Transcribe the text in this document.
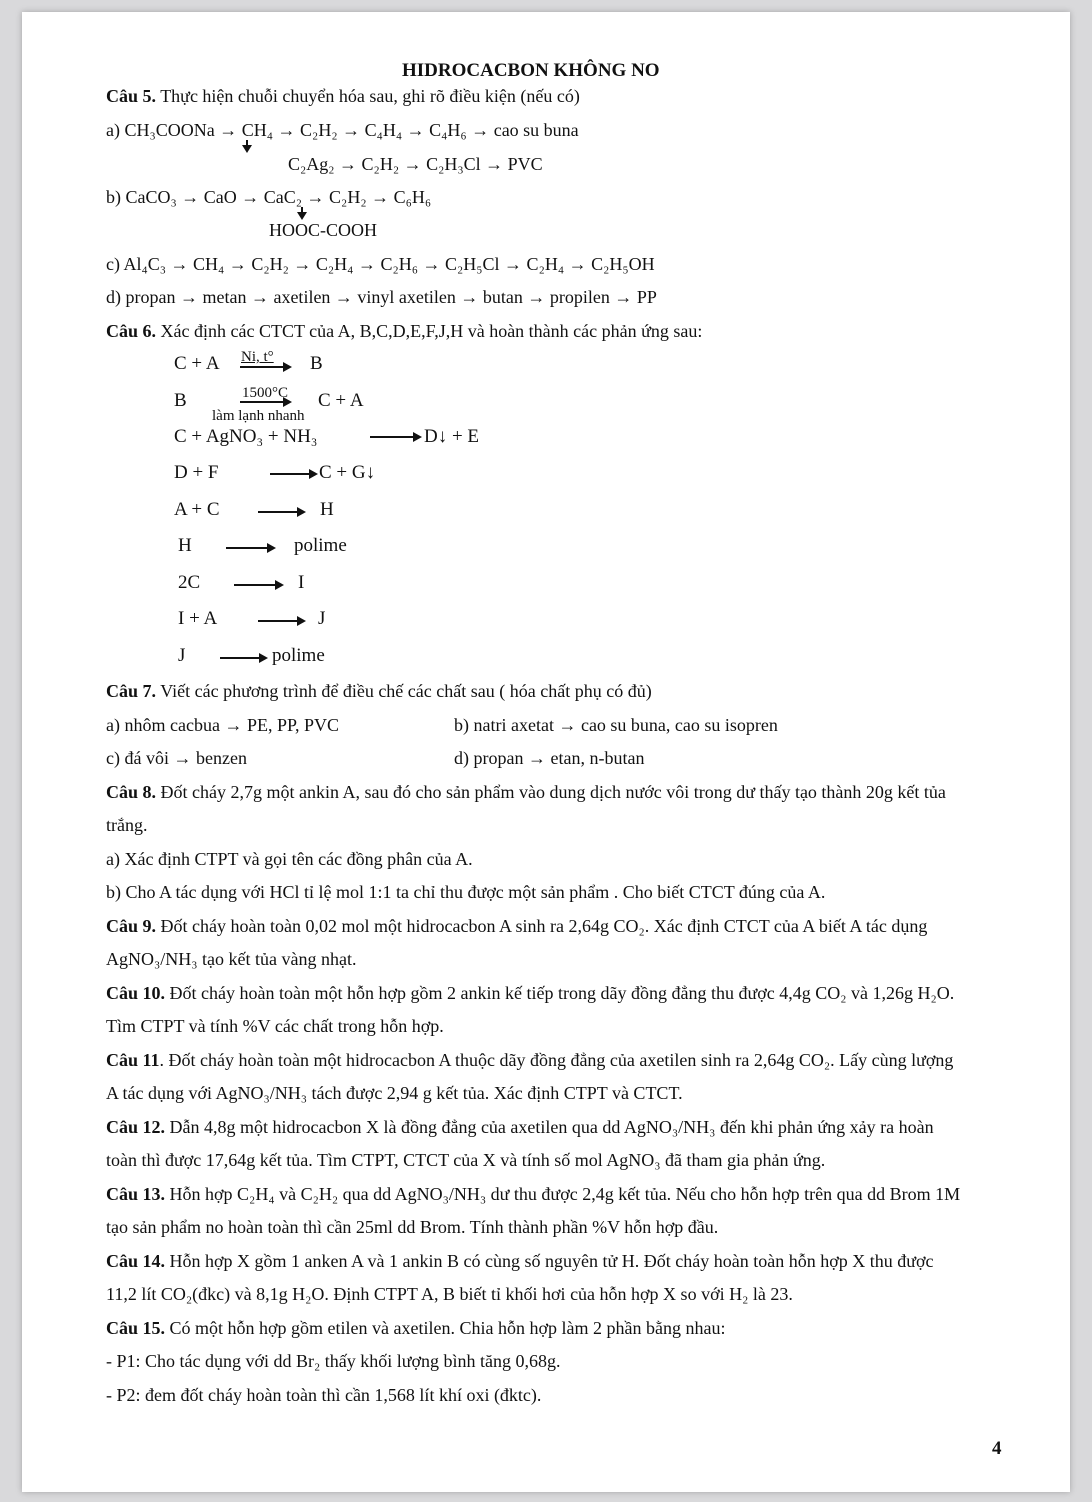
HIDROCACBON KHÔNG NO
Câu 5. Thực hiện chuỗi chuyển hóa sau, ghi rõ điều kiện (nếu có)
a) CH₃COONa → CH₄ → C₂H₂ → C₄H₄ → C₄H₆ → cao su buna
C₂Ag₂ → C₂H₂ → C₂H₃Cl → PVC
b) CaCO₃ → CaO → CaC₂ → C₂H₂ → C₆H₆
HOOC-COOH
c) Al₄C₃ → CH₄ → C₂H₂ → C₂H₄ → C₂H₆ → C₂H₅Cl → C₂H₄ → C₂H₅OH
d) propan → metan → axetilen → vinyl axetilen → butan → propilen → PP
Câu 6. Xác định các CTCT của A, B,C,D,E,F,J,H và hoàn thành các phản ứng sau:
C + A Ni, t° → B
B	1500°C
làm lạnh nhanh
C + A
C + AgNO₃ + NH₃	→ D↓ + E
D + F	→ C + G↓
A + C → H
H → polime
2C → I
I + A	→ J
J → polime
Câu 7. Viết các phương trình để điều chế các chất sau ( hóa chất phụ có đủ)
a) nhôm cacbua → PE, PP, PVC	b) natri axetat → cao su buna, cao su isopren
c) đá vôi → benzen	d) propan → etan, n-butan
Câu 8. Đốt cháy 2,7g một ankin A, sau đó cho sản phẩm vào dung dịch nước vôi trong dư thấy tạo thành 20g kết tủa
trắng.
a) Xác định CTPT và gọi tên các đồng phân của A.
b) Cho A tác dụng với HCl tỉ lệ mol 1:1 ta chỉ thu được một sản phẩm . Cho biết CTCT đúng của A.
Câu 9. Đốt cháy hoàn toàn 0,02 mol một hidrocacbon A sinh ra 2,64g CO₂. Xác định CTCT của A biết A tác dụng
AgNO₃/NH₃ tạo kết tủa vàng nhạt.
Câu 10. Đốt cháy hoàn toàn một hỗn hợp gồm 2 ankin kế tiếp trong dãy đồng đẳng thu được 4,4g CO₂ và 1,26g H₂O.
Tìm CTPT và tính %V các chất trong hỗn hợp.
Câu 11. Đốt cháy hoàn toàn một hidrocacbon A thuộc dãy đồng đẳng của axetilen sinh ra 2,64g CO₂. Lấy cùng lượng
A tác dụng với AgNO₃/NH₃ tách được 2,94 g kết tủa. Xác định CTPT và CTCT.
Câu 12. Dẫn 4,8g một hidrocacbon X là đồng đẳng của axetilen qua dd AgNO₃/NH₃ đến khi phản ứng xảy ra hoàn
toàn thì được 17,64g kết tủa. Tìm CTPT, CTCT của X và tính số mol AgNO₃ đã tham gia phản ứng.
Câu 13. Hỗn hợp C₂H₄ và C₂H₂ qua dd AgNO₃/NH₃ dư thu được 2,4g kết tủa. Nếu cho hỗn hợp trên qua dd Brom 1M
tạo sản phẩm no hoàn toàn thì cần 25ml dd Brom. Tính thành phần %V hỗn hợp đầu.
Câu 14. Hỗn hợp X gồm 1 anken A và 1 ankin B có cùng số nguyên tử H. Đốt cháy hoàn toàn hỗn hợp X thu được
11,2 lít CO₂(đkc) và 8,1g H₂O. Định CTPT A, B biết tỉ khối hơi của hỗn hợp X so với H₂ là 23.
Câu 15. Có một hỗn hợp gồm etilen và axetilen. Chia hỗn hợp làm 2 phần bằng nhau:
- P1: Cho tác dụng với dd Br₂ thấy khối lượng bình tăng 0,68g.
- P2: đem đốt cháy hoàn toàn thì cần 1,568 lít khí oxi (đktc).
4
